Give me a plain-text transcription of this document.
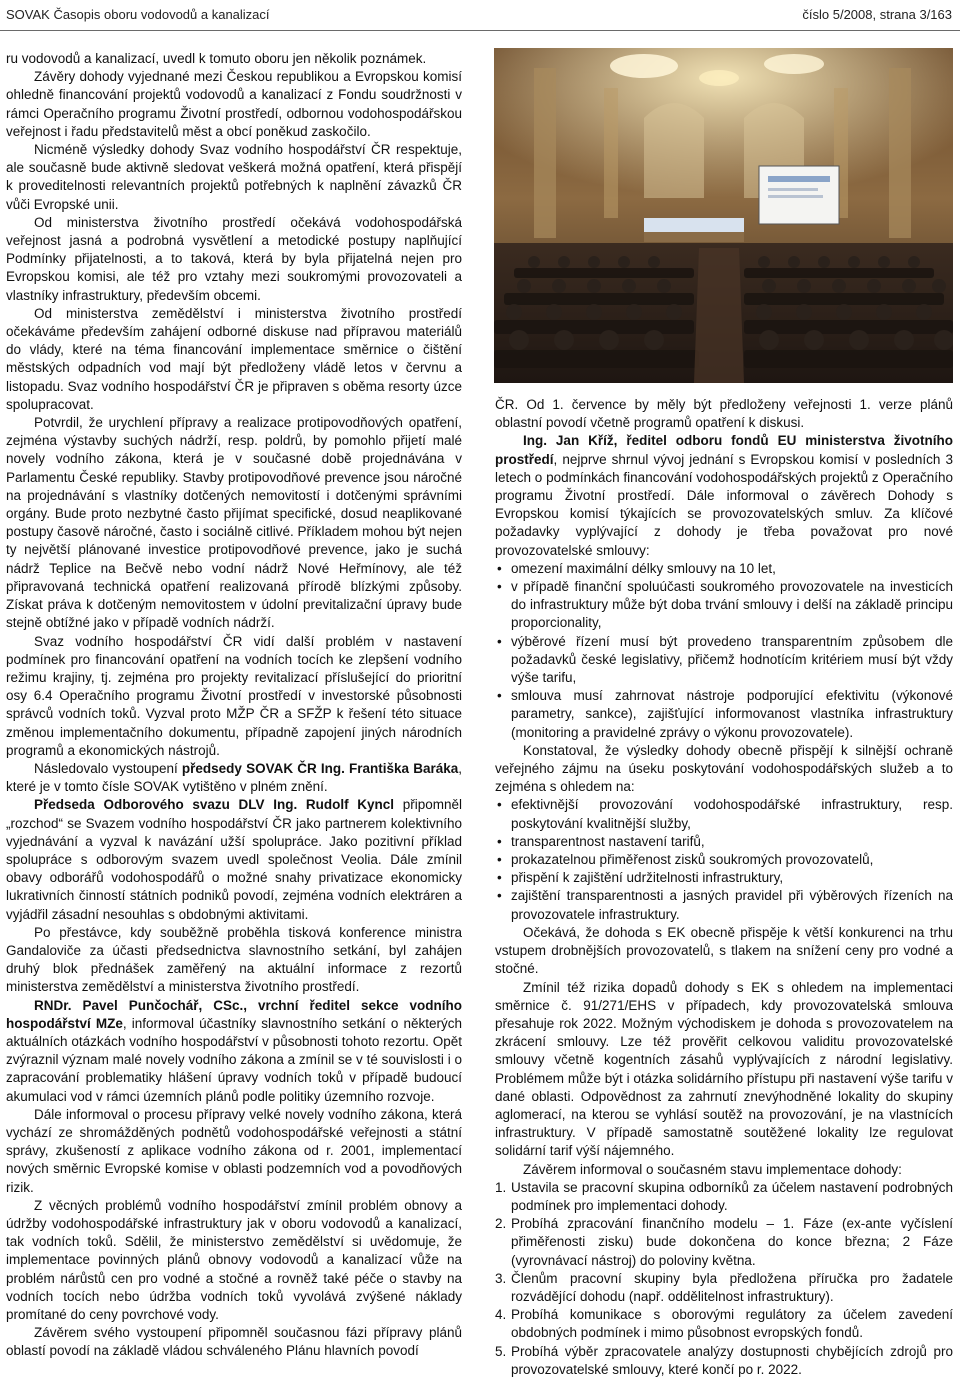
SOVAK Časopis oboru vodovodů a kanalizací	číslo 5/2008, strana 3/163

ru vodovodů a kanalizací, uvedl k tomuto oboru jen několik poznámek.

Závěry dohody vyjednané mezi Českou republikou a Evropskou komisí ohledně financování projektů vodovodů a kanalizací z Fondu soudržnosti v rámci Operačního programu Životní prostředí, odbornou vodohospodářskou veřejnost i řadu představitelů měst a obcí poněkud zaskočilo.

Nicméně výsledky dohody Svaz vodního hospodářství ČR respektuje, ale současně bude aktivně sledovat veškerá možná opatření, která přispějí k proveditelnosti relevantních projektů potřebných k naplnění závazků ČR vůči Evropské unii.

Od ministerstva životního prostředí očekává vodohospodářská veřejnost jasná a podrobná vysvětlení a metodické postupy naplňující Podmínky přijatelnosti, a to taková, která by byla přijatelná nejen pro Evropskou komisi, ale též pro vztahy mezi soukromými provozovateli a vlastníky infrastruktury, především obcemi.

Od ministerstva zemědělství i ministerstva životního prostředí očekáváme především zahájení odborné diskuse nad přípravou materiálů do vlády, které na téma financování implementace směrnice o čištění městských odpadních vod mají být předloženy vládě letos v červnu a listopadu. Svaz vodního hospodářství ČR je připraven s oběma resorty úzce spolupracovat.

Potvrdil, že urychlení přípravy a realizace protipovodňových opatření, zejména výstavby suchých nádrží, resp. poldrů, by pomohlo přijetí malé novely vodního zákona, která je v současné době projednávána v Parlamentu České republiky. Stavby protipovodňové prevence jsou náročné na projednávání s vlastníky dotčených nemovitostí i dotčenými správními orgány. Bude proto nezbytné často přijímat specifické, dosud neaplikované postupy časově náročné, často i sociálně citlivé. Příkladem mohou být nejen ty největší plánované investice protipovodňové prevence, jako je suchá nádrž Teplice na Bečvě nebo vodní nádrž Nové Heřmínovy, ale též připravovaná technická opatření realizovaná přírodě blízkými způsoby. Získat práva k dotčeným nemovitostem v údolní previtalizační úpravy bude stejně obtížné jako v případě vodních nádrží.

Svaz vodního hospodářství ČR vidí další problém v nastavení podmínek pro financování opatření na vodních tocích ke zlepšení vodního režimu krajiny, tj. zejména pro projekty revitalizací příslušející do prioritní osy 6.4 Operačního programu Životní prostředí v investorské působnosti správců vodních toků. Vyzval proto MŽP ČR a SFŽP k řešení této situace změnou implementačního dokumentu, případně zapojení jiných národních programů a ekonomických nástrojů.

Následovalo vystoupení předsedy SOVAK ČR Ing. Františka Baráka, které je v tomto čísle SOVAK vytištěno v plném znění.

Předseda Odborového svazu DLV Ing. Rudolf Kyncl připomněl „rozchod“ se Svazem vodního hospodářství ČR jako partnerem kolektivního vyjednávání a vyzval k navázání užší spolupráce. Jako pozitivní příklad spolupráce s odborovým svazem uvedl společnost Veolia. Dále zmínil obavy odborářů vodohospodářů o možné snahy privatizace ekonomicky lukrativních činností státních podniků povodí, zejména vodních elektráren a vyjádřil zásadní nesouhlas s obdobnými aktivitami.

Po přestávce, kdy souběžně proběhla tisková konference ministra Gandaloviče za účasti předsednictva slavnostního setkání, byl zahájen druhý blok přednášek zaměřený na aktuální informace z rezortů ministerstva zemědělství a ministerstva životního prostředí.

RNDr. Pavel Punčochář, CSc., vrchní ředitel sekce vodního hospodářství MZe, informoval účastníky slavnostního setkání o některých aktuálních otázkách vodního hospodářství v působnosti tohoto rezortu. Opět zvýraznil význam malé novely vodního zákona a zmínil se v té souvislosti i o zapracování problematiky hlášení úpravy vodních toků v případě budoucí akumulaci vod v rámci územních plánů podle politiky územního rozvoje.

Dále informoval o procesu přípravy velké novely vodního zákona, která vychází ze shromážděných podnětů vodohospodářské veřejnosti a státní správy, zkušeností z aplikace vodního zákona od r. 2001, implementací nových směrnic Evropské komise v oblasti podzemních vod a povodňových rizik.

Z věcných problémů vodního hospodářství zmínil problém obnovy a údržby vodohospodářské infrastruktury jak v oboru vodovodů a kanalizací, tak vodních toků. Sdělil, že ministerstvo zemědělství si uvědomuje, že implementace povinných plánů obnovy vodovodů a kanalizací vůže na problém nárůstů cen pro vodné a stočné a rovněž také péče o stavby na vodních tocích nebo údržba vodních toků vyvolává zvýšené náklady promítané do ceny povrchové vody.

Závěrem svého vystoupení připomněl současnou fázi přípravy plánů oblastí povodí na základě vládou schváleného Plánu hlavních povodí

ČR. Od 1. července by měly být předloženy veřejnosti 1. verze plánů oblastní povodí včetně programů opatření k diskusi.

Ing. Jan Kříž, ředitel odboru fondů EU ministerstva životního prostředí, nejprve shrnul vývoj jednání s Evropskou komisí v posledních 3 letech o podmínkách financování vodohospodářských projektů z Operačního programu Životní prostředí. Dále informoval o závěrech Dohody s Evropskou komisí týkajících se provozovatelských smluv. Za klíčové požadavky vyplývající z dohody je třeba považovat pro nové provozovatelské smlouvy:

• omezení maximální délky smlouvy na 10 let,
• v případě finanční spoluúčasti soukromého provozovatele na investicích do infrastruktury může být doba trvání smlouvy i delší na základě principu proporcionality,
• výběrové řízení musí být provedeno transparentním způsobem dle požadavků české legislativy, přičemž hodnotícím kritériem musí být vždy výše tarifu,
• smlouva musí zahrnovat nástroje podporující efektivitu (výkonové parametry, sankce), zajišťující informovanost vlastníka infrastruktury (monitoring a pravidelné zprávy o výkonu provozovatele).

Konstatoval, že výsledky dohody obecně přispějí k silnější ochraně veřejného zájmu na úseku poskytování vodohospodářských služeb a to zejména s ohledem na:

• efektivnější provozování vodohospodářské infrastruktury, resp. poskytování kvalitnější služby,
• transparentnost nastavení tarifů,
• prokazatelnou přiměřenost zisků soukromých provozovatelů,
• přispění k zajištění udržitelnosti infrastruktury,
• zajištění transparentnosti a jasných pravidel při výběrových řízeních na provozovatele infrastruktury.

Očekává, že dohoda s EK obecně přispěje k větší konkurenci na trhu vstupem drobnějších provozovatelů, s tlakem na snížení ceny pro vodné a stočné.

Zmínil též rizika dopadů dohody s EK s ohledem na implementaci směrnice č. 91/271/EHS v případech, kdy provozovatelská smlouva přesahuje rok 2022. Možným východiskem je dohoda s provozovatelem na zkrácení smlouvy. Lze též prověřit celkovou validitu provozovatelské smlouvy včetně kogentních zásahů vyplývajících z národní legislativy. Problémem může být i otázka solidárního přístupu při nastavení výše tarifu v dané oblasti. Odpovědnost za zahrnutí znevýhodněné lokality do skupiny aglomerací, na kterou se vyhlásí soutěž na provozování, je na vlastnících infrastruktury. V případě samostatně soutěžené lokality lze regulovat solidární tarif výší nájemného.

Závěrem informoval o současném stavu implementace dohody:

1. Ustavila se pracovní skupina odborníků za účelem nastavení podrobných podmínek pro implementaci dohody.
2. Probíhá zpracování finančního modelu – 1. Fáze (ex-ante vyčíslení přiměřenosti zisku) bude dokončena do konce března; 2 Fáze (vyrovnávací nástroj) do poloviny května.
3. Členům pracovní skupiny byla předložena příručka pro žadatele rozvádějící dohodu (např. oddělitelnost infrastruktury).
4. Probíhá komunikace s oborovými regulátory za účelem zavedení obdobných podmínek i mimo působnost evropských fondů.
5. Probíhá výběr zpracovatele analýzy dostupnosti chybějících zdrojů pro provozovatelské smlouvy, které končí po r. 2022.
